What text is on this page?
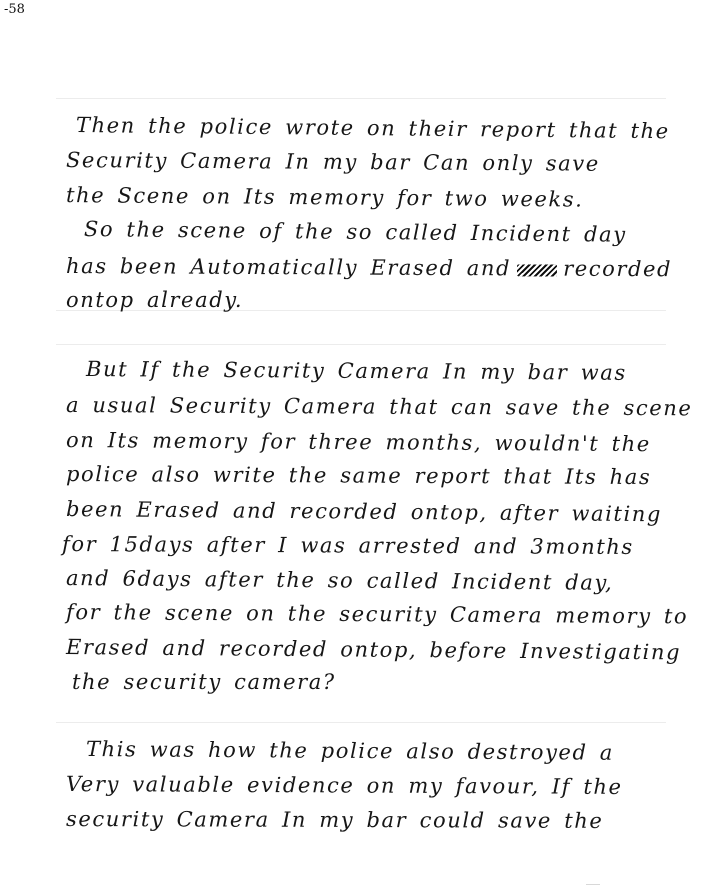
-58
Then the police wrote on their report that the
Security Camera In my bar Can only save
the Scene on Its memory for two weeks.
So the scene of the so called Incident day
has been Automatically Erased and recorded
ontop already.
But If the Security Camera In my bar was
a usual Security Camera that can save the scene
on Its memory for three months, wouldn't the
police also write the same report that Its has
been Erased and recorded ontop, after waiting
for 15days after I was arrested and 3months
and 6days after the so called Incident day,
for the scene on the security Camera memory to
Erased and recorded ontop, before Investigating
the security camera?
This was how the police also destroyed a
Very valuable evidence on my favour, If the
security Camera In my bar could save the
